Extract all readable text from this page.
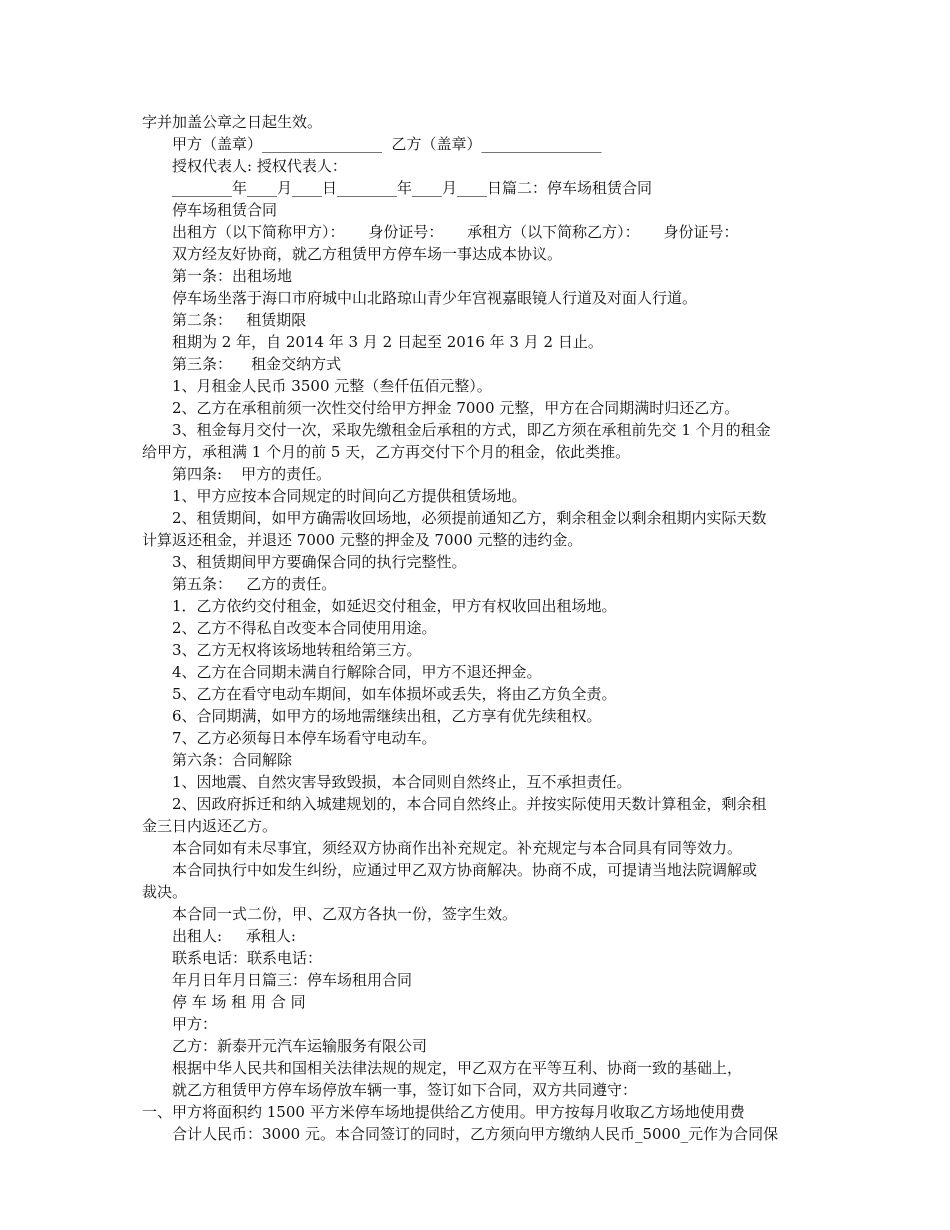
字并加盖公章之日起生效。
甲方（盖章）________________  乙方（盖章）________________
授权代表人: 授权代表人：
________年____月____日________年____月____日篇二：停车场租赁合同
停车场租赁合同
出租方（以下简称甲方）：     身份证号：     承租方（以下简称乙方）：     身份证号：
双方经友好协商，就乙方租赁甲方停车场一事达成本协议。
第一条：出租场地
停车场坐落于海口市府城中山北路琼山青少年宫视嘉眼镜人行道及对面人行道。
第二条：   租赁期限
租期为 2 年，自 2014 年 3 月 2 日起至 2016 年 3 月 2 日止。
第三条：    租金交纳方式
1、月租金人民币 3500 元整（叁仟伍佰元整）。
2、乙方在承租前须一次性交付给甲方押金 7000 元整，甲方在合同期满时归还乙方。
3、租金每月交付一次，采取先缴租金后承租的方式，即乙方须在承租前先交 1 个月的租金
给甲方，承租满 1 个月的前 5 天，乙方再交付下个月的租金，依此类推。
第四条:    甲方的责任。
1、甲方应按本合同规定的时间向乙方提供租赁场地。
2、租赁期间，如甲方确需收回场地，必须提前通知乙方，剩余租金以剩余租期内实际天数
计算返还租金，并退还 7000 元整的押金及 7000 元整的违约金。
3、租赁期间甲方要确保合同的执行完整性。
第五条：   乙方的责任。
1．乙方依约交付租金，如延迟交付租金，甲方有权收回出租场地。
2、乙方不得私自改变本合同使用用途。
3、乙方无权将该场地转租给第三方。
4、乙方在合同期未满自行解除合同，甲方不退还押金。
5、乙方在看守电动车期间，如车体损坏或丢失，将由乙方负全责。
6、合同期满，如甲方的场地需继续出租，乙方享有优先续租权。
7、乙方必须每日本停车场看守电动车。
第六条：合同解除
1、因地震、自然灾害导致毁损，本合同则自然终止，互不承担责任。
2、因政府拆迁和纳入城建规划的，本合同自然终止。并按实际使用天数计算租金，剩余租
金三日内返还乙方。
本合同如有未尽事宜，须经双方协商作出补充规定。补充规定与本合同具有同等效力。
本合同执行中如发生纠纷，应通过甲乙双方协商解决。协商不成，可提请当地法院调解或
裁决。
本合同一式二份，甲、乙双方各执一份，签字生效。
出租人:     承租人:
联系电话：联系电话：
年月日年月日篇三：停车场租用合同
停 车 场 租 用 合 同
甲方：
乙方：新泰开元汽车运输服务有限公司
根据中华人民共和国相关法律法规的规定，甲乙双方在平等互利、协商一致的基础上，
就乙方租赁甲方停车场停放车辆一事，签订如下合同，双方共同遵守：
一、甲方将面积约 1500 平方米停车场地提供给乙方使用。甲方按每月收取乙方场地使用费
合计人民币：3000 元。本合同签订的同时，乙方须向甲方缴纳人民币_5000_元作为合同保
